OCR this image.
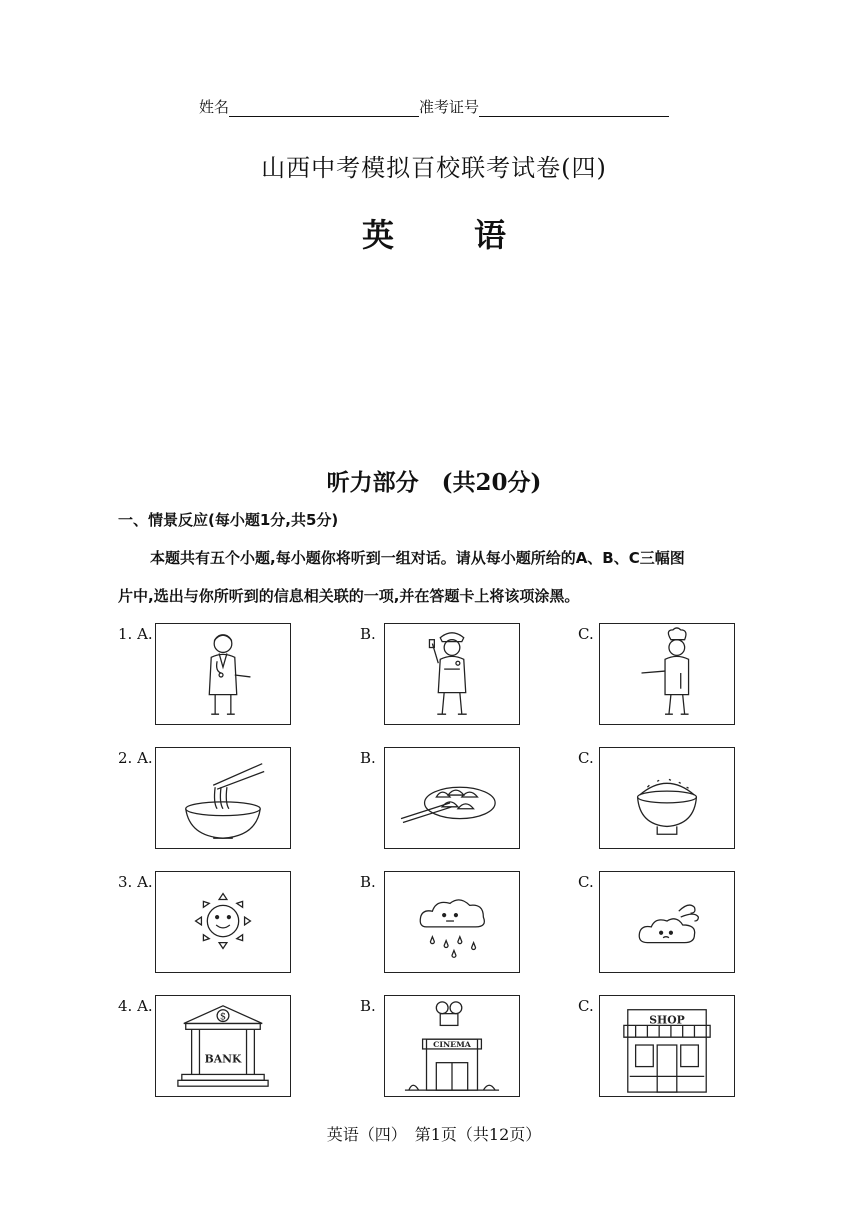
姓名	准考证号
山西中考模拟百校联考试卷(四)
英	语
听力部分　(共20分)
一、情景反应(每小题1分,共5分)
本题共有五个小题,每小题你将听到一组对话。请从每小题所给的A、B、C三幅图
片中,选出与你所听到的信息相关联的一项,并在答题卡上将该项涂黑。
1. A.	B.	C.
2. A.	B.	C.
3. A.	B.	C.
4. A.
$
BANK
B.
CINEMA
C.
SHOP
英语（四）　第1页（共12页）
